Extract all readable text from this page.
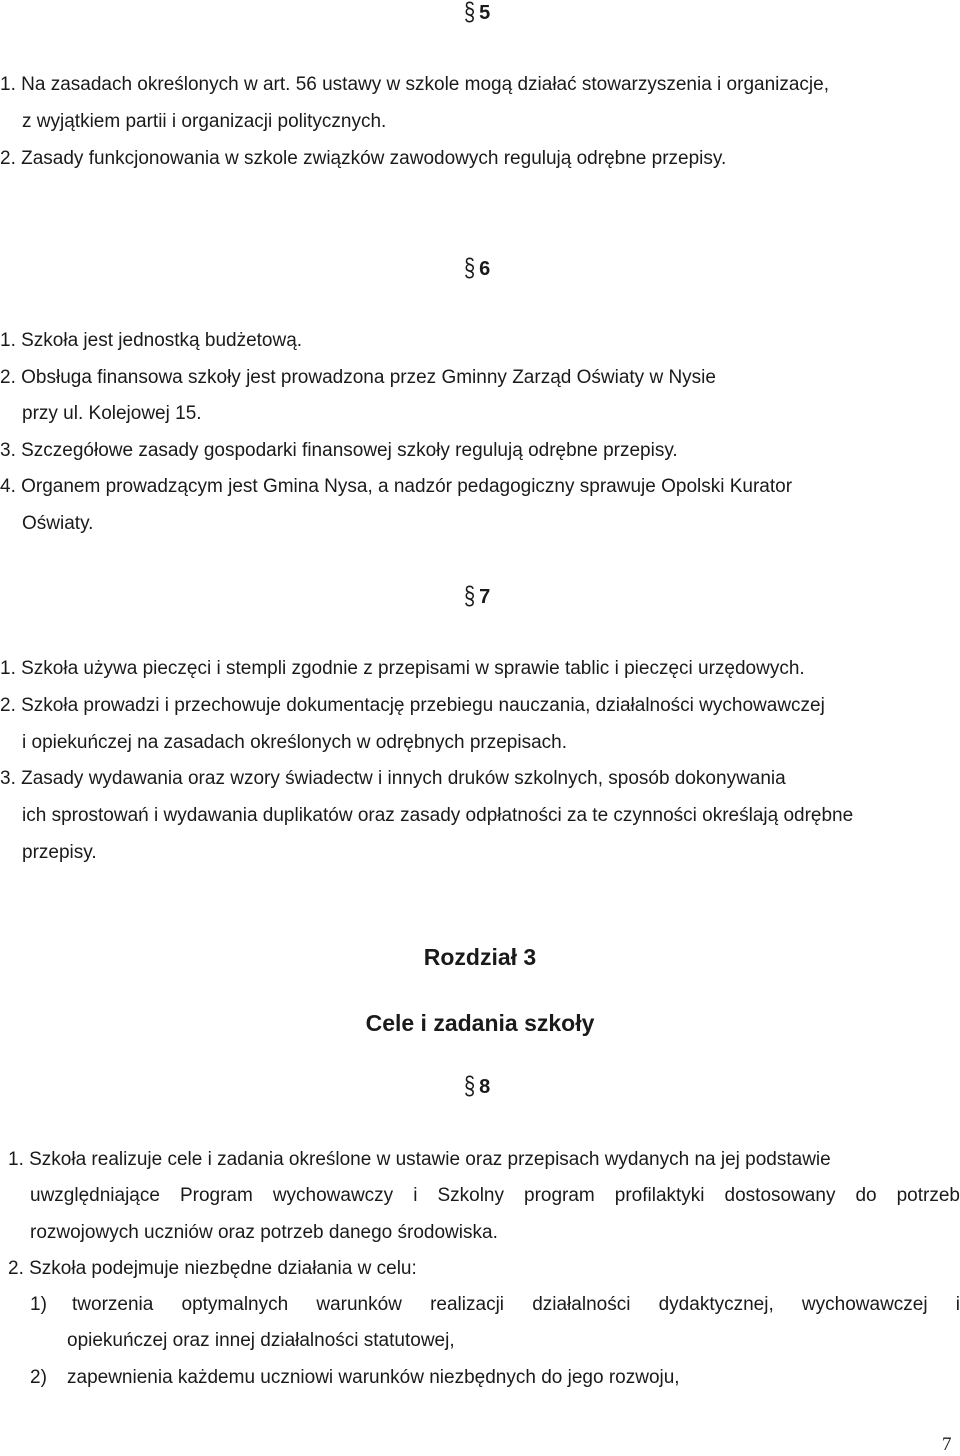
§ 5
1. Na zasadach określonych w art. 56 ustawy w szkole mogą działać stowarzyszenia i organizacje,
z wyjątkiem partii i organizacji politycznych.
2. Zasady funkcjonowania w szkole związków zawodowych regulują odrębne przepisy.
§ 6
1. Szkoła jest jednostką budżetową.
2. Obsługa finansowa szkoły jest prowadzona przez Gminny Zarząd Oświaty w Nysie
przy ul. Kolejowej 15.
3. Szczegółowe zasady gospodarki finansowej szkoły regulują odrębne przepisy.
4. Organem prowadzącym jest Gmina Nysa, a nadzór pedagogiczny sprawuje Opolski Kurator
Oświaty.
§ 7
1. Szkoła używa pieczęci i stempli zgodnie z przepisami w sprawie tablic i pieczęci urzędowych.
2. Szkoła prowadzi i przechowuje dokumentację przebiegu nauczania, działalności wychowawczej
i opiekuńczej na zasadach określonych w odrębnych przepisach.
3. Zasady wydawania oraz wzory świadectw i innych druków szkolnych, sposób dokonywania
ich sprostowań i wydawania duplikatów oraz zasady odpłatności za te czynności określają odrębne
przepisy.
Rozdział 3
Cele i zadania szkoły
§ 8
1. Szkoła realizuje cele i zadania określone w ustawie oraz przepisach wydanych na jej podstawie
uwzględniające Program wychowawczy i Szkolny program profilaktyki dostosowany do potrzeb
rozwojowych uczniów oraz potrzeb danego środowiska.
2. Szkoła podejmuje niezbędne działania w celu:
1) tworzenia optymalnych warunków realizacji działalności dydaktycznej, wychowawczej i
opiekuńczej oraz innej działalności statutowej,
2) zapewnienia każdemu uczniowi warunków niezbędnych do jego rozwoju,
7
